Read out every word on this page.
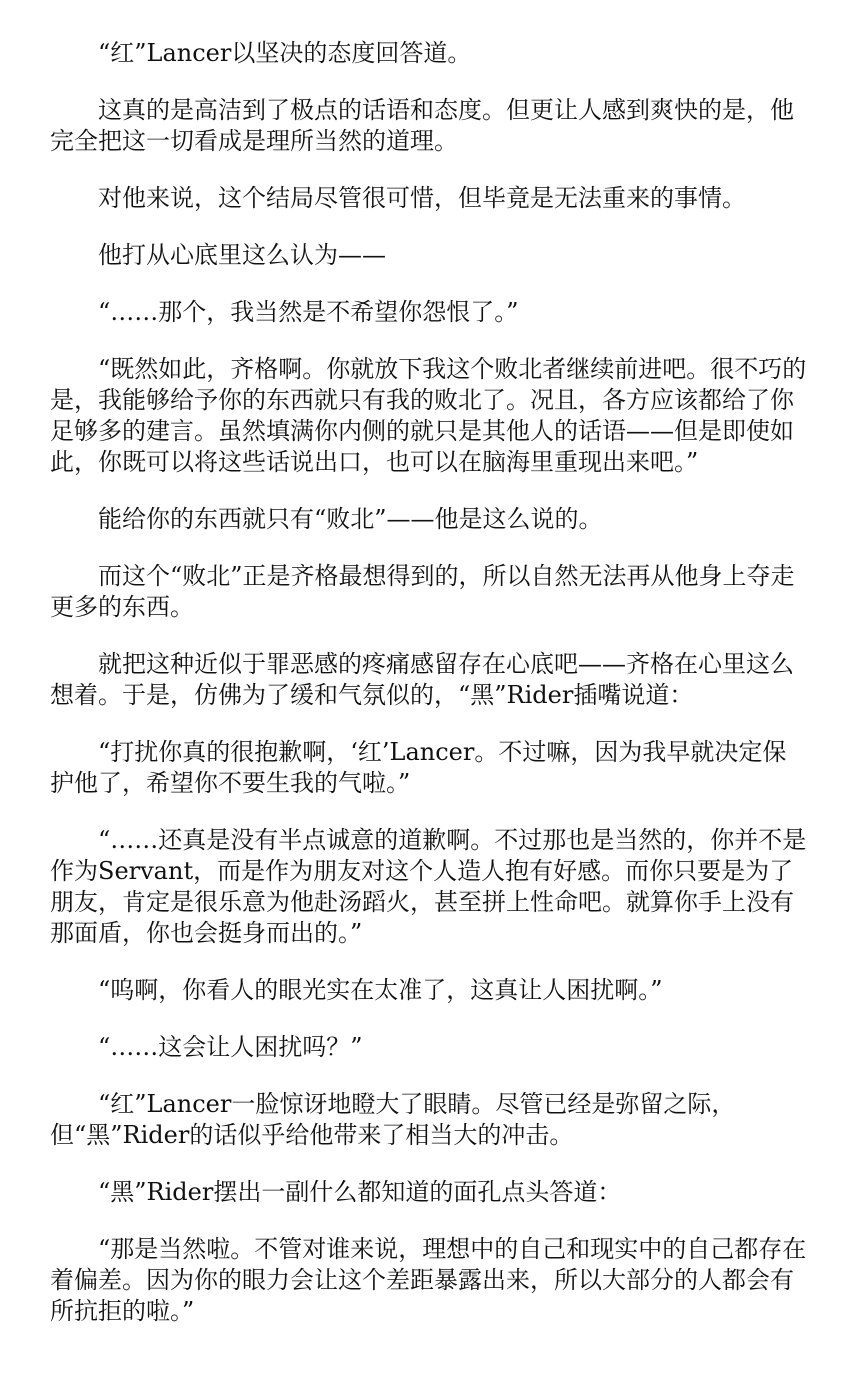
“红”Lancer以坚决的态度回答道。

这真的是高洁到了极点的话语和态度。但更让人感到爽快的是，他完全把这一切看成是理所当然的道理。

对他来说，这个结局尽管很可惜，但毕竟是无法重来的事情。

他打从心底里这么认为——

“……那个，我当然是不希望你怨恨了。”

“既然如此，齐格啊。你就放下我这个败北者继续前进吧。很不巧的是，我能够给予你的东西就只有我的败北了。况且，各方应该都给了你足够多的建言。虽然填满你内侧的就只是其他人的话语——但是即使如此，你既可以将这些话说出口，也可以在脑海里重现出来吧。”

能给你的东西就只有“败北”——他是这么说的。

而这个“败北”正是齐格最想得到的，所以自然无法再从他身上夺走更多的东西。

就把这种近似于罪恶感的疼痛感留存在心底吧——齐格在心里这么想着。于是，仿佛为了缓和气氛似的，“黑”Rider插嘴说道：

“打扰你真的很抱歉啊，‘红’Lancer。不过嘛，因为我早就决定保护他了，希望你不要生我的气啦。”

“……还真是没有半点诚意的道歉啊。不过那也是当然的，你并不是作为Servant，而是作为朋友对这个人造人抱有好感。而你只要是为了朋友，肯定是很乐意为他赴汤蹈火，甚至拼上性命吧。就算你手上没有那面盾，你也会挺身而出的。”

“呜啊，你看人的眼光实在太准了，这真让人困扰啊。”

“……这会让人困扰吗？”

“红”Lancer一脸惊讶地瞪大了眼睛。尽管已经是弥留之际，但“黑”Rider的话似乎给他带来了相当大的冲击。

“黑”Rider摆出一副什么都知道的面孔点头答道：

“那是当然啦。不管对谁来说，理想中的自己和现实中的自己都存在着偏差。因为你的眼力会让这个差距暴露出来，所以大部分的人都会有所抗拒的啦。”
